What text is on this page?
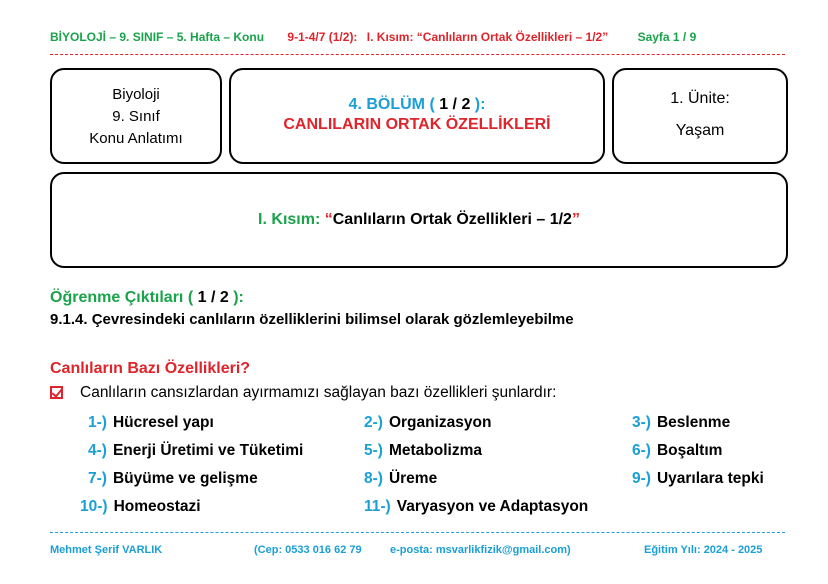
BİYOLOJİ – 9. SINIF – 5. Hafta – Konu 9-1-4/7 (1/2): I. Kısım: “Canlıların Ortak Özellikleri – 1/2” Sayfa 1 / 9
Biyoloji
9. Sınıf
Konu Anlatımı
4. BÖLÜM ( 1 / 2 ):
CANLILARIN ORTAK ÖZELLİKLERİ
1. Ünite:
Yaşam
I. Kısım: “Canlıların Ortak Özellikleri – 1/2”
Öğrenme Çıktıları ( 1 / 2 ):
9.1.4. Çevresindeki canlıların özelliklerini bilimsel olarak gözlemleyebilme
Canlıların Bazı Özellikleri?
Canlıların cansızlardan ayırmamızı sağlayan bazı özellikleri şunlardır:
1-) Hücresel yapı	2-) Organizasyon	3-) Beslenme
4-) Enerji Üretimi ve Tüketimi	5-) Metabolizma	6-) Boşaltım
7-) Büyüme ve gelişme	8-) Üreme	9-) Uyarılara tepki
10-) Homeostazi	11-) Varyasyon ve Adaptasyon
Mehmet Şerif VARLIK	(Cep: 0533 016 62 79	e-posta: msvarlikfizik@gmail.com)	Eğitim Yılı: 2024 - 2025
